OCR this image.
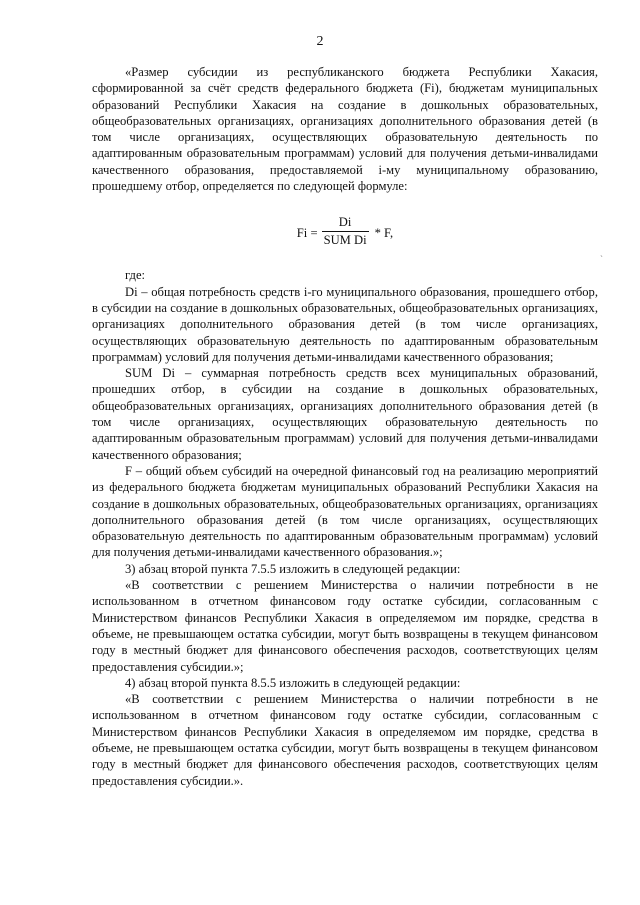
2
`

«Размер субсидии из республиканского бюджета Республики Хакасия, сформированной за счёт средств федерального бюджета (Fi), бюджетам муниципальных образований Республики Хакасия на создание в дошкольных образовательных, общеобразовательных организациях, организациях дополнительного образования детей (в том числе организациях, осуществляющих образовательную деятельность по адаптированным образовательным программам) условий для получения детьми-инвалидами качественного образования, предоставляемой i-му муниципальному образованию, прошедшему отбор, определяется по следующей формуле:

$Fi = \frac{Di}{\text{SUM Di}} * F$,

где:

Di – общая потребность средств i-го муниципального образования, прошедшего отбор, в субсидии на создание в дошкольных образовательных, общеобразовательных организациях, организациях дополнительного образования детей (в том числе организациях, осуществляющих образовательную деятельность по адаптированным образовательным программам) условий для получения детьми-инвалидами качественного образования;

SUM Di – суммарная потребность средств всех муниципальных образований, прошедших отбор, в субсидии на создание в дошкольных образовательных, общеобразовательных организациях, организациях дополнительного образования детей (в том числе организациях, осуществляющих образовательную деятельность по адаптированным образовательным программам) условий для получения детьми-инвалидами качественного образования;

F – общий объем субсидий на очередной финансовый год на реализацию мероприятий из федерального бюджета бюджетам муниципальных образований Республики Хакасия на создание в дошкольных образовательных, общеобразовательных организациях, организациях дополнительного образования детей (в том числе организациях, осуществляющих образовательную деятельность по адаптированным образовательным программам) условий для получения детьми-инвалидами качественного образования.»;

3) абзац второй пункта 7.5.5 изложить в следующей редакции:

«В соответствии с решением Министерства о наличии потребности в не использованном в отчетном финансовом году остатке субсидии, согласованным с Министерством финансов Республики Хакасия в определяемом им порядке, средства в объеме, не превышающем остатка субсидии, могут быть возвращены в текущем финансовом году в местный бюджет для финансового обеспечения расходов, соответствующих целям предоставления субсидии.»;

4) абзац второй пункта 8.5.5 изложить в следующей редакции:

«В соответствии с решением Министерства о наличии потребности в не использованном в отчетном финансовом году остатке субсидии, согласованным с Министерством финансов Республики Хакасия в определяемом им порядке, средства в объеме, не превышающем остатка субсидии, могут быть возвращены в текущем финансовом году в местный бюджет для финансового обеспечения расходов, соответствующих целям предоставления субсидии.».
